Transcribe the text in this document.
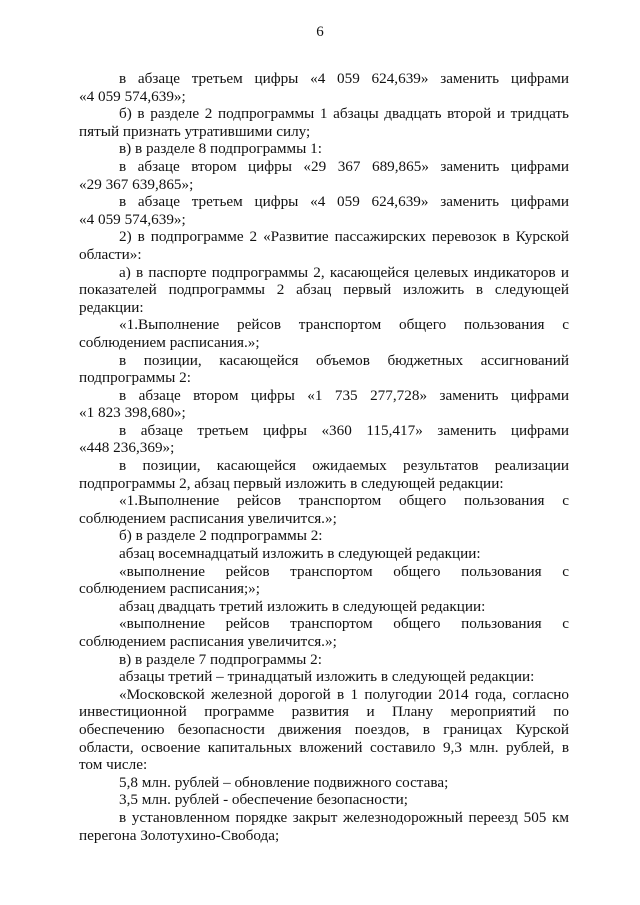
6
в абзаце третьем цифры «4 059 624,639» заменить цифрами
«4 059 574,639»;
б) в разделе 2 подпрограммы 1 абзацы двадцать второй и тридцать
пятый признать утратившими силу;
в) в разделе 8 подпрограммы 1:
в абзаце втором цифры «29 367 689,865» заменить цифрами
«29 367 639,865»;
в абзаце третьем цифры «4 059 624,639» заменить цифрами
«4 059 574,639»;
2) в подпрограмме 2 «Развитие пассажирских перевозок в Курской
области»:
а) в паспорте подпрограммы 2, касающейся целевых индикаторов и
показателей подпрограммы 2 абзац первый изложить в следующей
редакции:
«1.Выполнение рейсов транспортом общего пользования с
соблюдением расписания.»;
в позиции, касающейся объемов бюджетных ассигнований
подпрограммы 2:
в абзаце втором цифры «1 735 277,728» заменить цифрами
«1 823 398,680»;
в абзаце третьем цифры «360 115,417» заменить цифрами
«448 236,369»;
в позиции, касающейся ожидаемых результатов реализации
подпрограммы 2, абзац первый изложить в следующей редакции:
«1.Выполнение рейсов транспортом общего пользования с
соблюдением расписания увеличится.»;
б) в разделе 2 подпрограммы 2:
абзац восемнадцатый изложить в следующей редакции:
«выполнение рейсов транспортом общего пользования с
соблюдением расписания;»;
абзац двадцать третий изложить в следующей редакции:
«выполнение рейсов транспортом общего пользования с
соблюдением расписания увеличится.»;
в) в разделе 7 подпрограммы 2:
абзацы третий – тринадцатый изложить в следующей редакции:
«Московской железной дорогой в 1 полугодии 2014 года, согласно
инвестиционной программе развития и Плану мероприятий по
обеспечению безопасности движения поездов, в границах Курской
области, освоение капитальных вложений составило 9,3 млн. рублей, в
том числе:
5,8 млн. рублей – обновление подвижного состава;
3,5 млн. рублей - обеспечение безопасности;
в установленном порядке закрыт железнодорожный переезд 505 км
перегона Золотухино-Свобода;
